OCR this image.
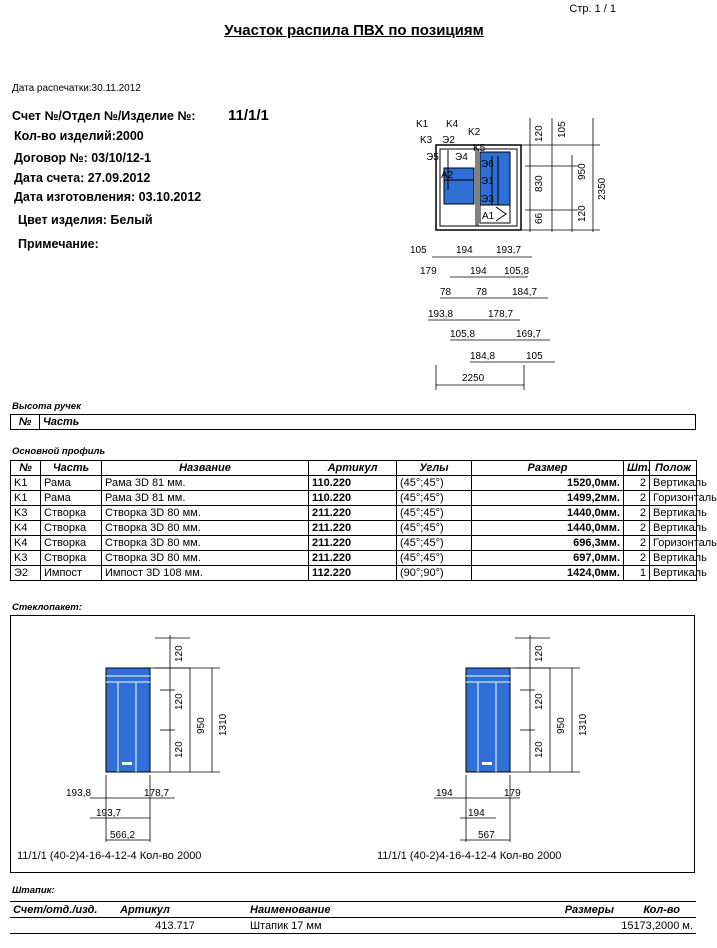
Стр. 1 / 1
Участок распила ПВХ по позициям
Дата распечатки:30.11.2012
Счет №/Отдел №/Изделие №: 11/1/1
Кол-во изделий:2000
Договор №: 03/10/12-1
Дата счета: 27.09.2012
Дата изготовления: 03.10.2012
Цвет изделия: Белый
Примечание:
K1 K4
K3 Э2
K2
Э5 Э4
K5
Э6
A2
Э1
Э3
A1
120 105
830
950
2350
66	120
105	194 193,7
179	194 105,8
78 78 184,7
193,8	178,7
105,8	169,7
184,8	105
2250
Высота ручек
№	Часть
Основной профиль
№	Часть	Название	Артикул	Углы	Размер	Шт.	Полож
K1	Рама	Рама 3D 81 мм.	110.220	(45°;45°)	1520,0мм.	2	Вертикаль
K1	Рама	Рама 3D 81 мм.	110.220	(45°;45°)	1499,2мм.	2	Горизонталь
K3	Створка	Створка 3D 80 мм.	211.220	(45°;45°)	1440,0мм.	2	Вертикаль
K4	Створка	Створка 3D 80 мм.	211.220	(45°;45°)	1440,0мм.	2	Вертикаль
K4	Створка	Створка 3D 80 мм.	211.220	(45°;45°)	696,3мм.	2	Горизонталь
K3	Створка	Створка 3D 80 мм.	211.220	(45°;45°)	697,0мм.	2	Вертикаль
Э2	Импост	Импост 3D 108 мм.	112.220	(90°;90°)	1424,0мм.	1	Вертикаль
Стеклопакет:
120
120
120
950 1310
193,8	178,7
193,7
566,2
11/1/1 (40-2)4-16-4-12-4 Кол-во 2000
120
120
120
950 1310
194	179
194
567
11/1/1 (40-2)4-16-4-12-4 Кол-во 2000
Штапик:
Счет/отд./изд.	Артикул	Наименование	Размеры	Кол-во
	413.717	Штапик 17 мм		15173,2000 м.
